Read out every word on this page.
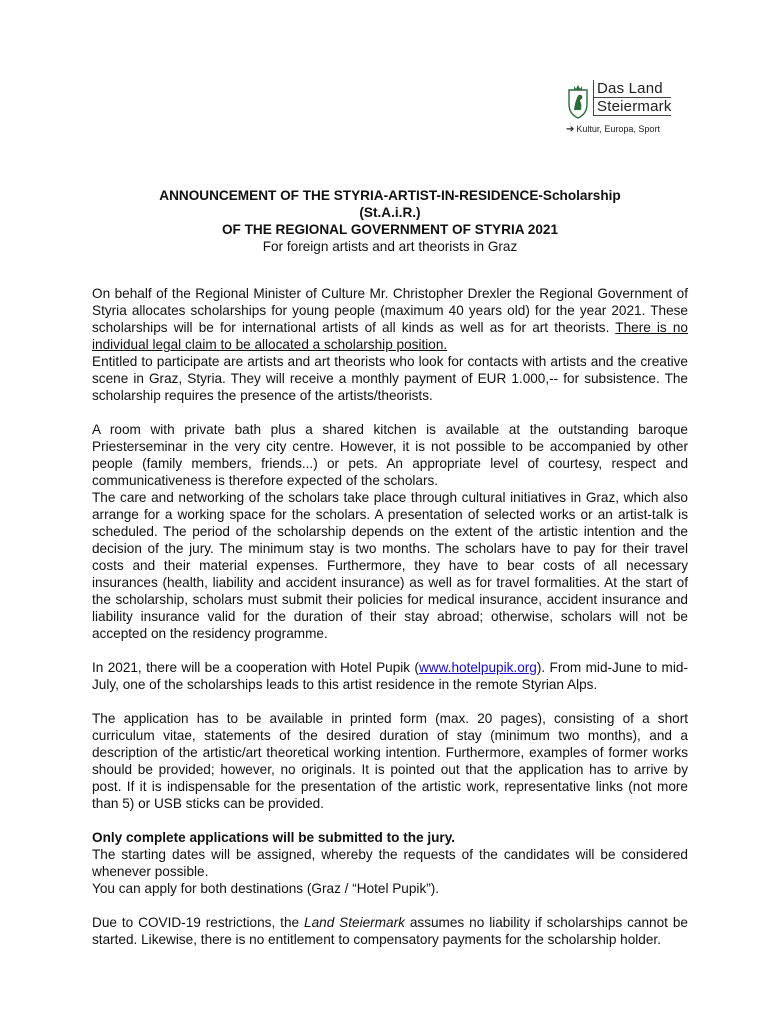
Das Land
Steiermark
➔ Kultur, Europa, Sport
ANNOUNCEMENT OF THE STYRIA-ARTIST-IN-RESIDENCE-Scholarship
(St.A.i.R.)
OF THE REGIONAL GOVERNMENT OF STYRIA 2021
For foreign artists and art theorists in Graz

On behalf of the Regional Minister of Culture Mr. Christopher Drexler the Regional Government of Styria allocates scholarships for young people (maximum 40 years old) for the year 2021. These scholarships will be for international artists of all kinds as well as for art theorists. There is no individual legal claim to be allocated a scholarship position.

Entitled to participate are artists and art theorists who look for contacts with artists and the creative scene in Graz, Styria. They will receive a monthly payment of EUR 1.000,-- for subsistence. The scholarship requires the presence of the artists/theorists.

A room with private bath plus a shared kitchen is available at the outstanding baroque Priesterseminar in the very city centre. However, it is not possible to be accompanied by other people (family members, friends...) or pets. An appropriate level of courtesy, respect and communicativeness is therefore expected of the scholars.

The care and networking of the scholars take place through cultural initiatives in Graz, which also arrange for a working space for the scholars. A presentation of selected works or an artist-talk is scheduled. The period of the scholarship depends on the extent of the artistic intention and the decision of the jury. The minimum stay is two months. The scholars have to pay for their travel costs and their material expenses. Furthermore, they have to bear costs of all necessary insurances (health, liability and accident insurance) as well as for travel formalities. At the start of the scholarship, scholars must submit their policies for medical insurance, accident insurance and liability insurance valid for the duration of their stay abroad; otherwise, scholars will not be accepted on the residency programme.

In 2021, there will be a cooperation with Hotel Pupik (www.hotelpupik.org). From mid-June to mid-July, one of the scholarships leads to this artist residence in the remote Styrian Alps.

The application has to be available in printed form (max. 20 pages), consisting of a short curriculum vitae, statements of the desired duration of stay (minimum two months), and a description of the artistic/art theoretical working intention. Furthermore, examples of former works should be provided; however, no originals. It is pointed out that the application has to arrive by post. If it is indispensable for the presentation of the artistic work, representative links (not more than 5) or USB sticks can be provided.

Only complete applications will be submitted to the jury.
The starting dates will be assigned, whereby the requests of the candidates will be considered whenever possible.
You can apply for both destinations (Graz / “Hotel Pupik”).

Due to COVID-19 restrictions, the Land Steiermark assumes no liability if scholarships cannot be started. Likewise, there is no entitlement to compensatory payments for the scholarship holder.
